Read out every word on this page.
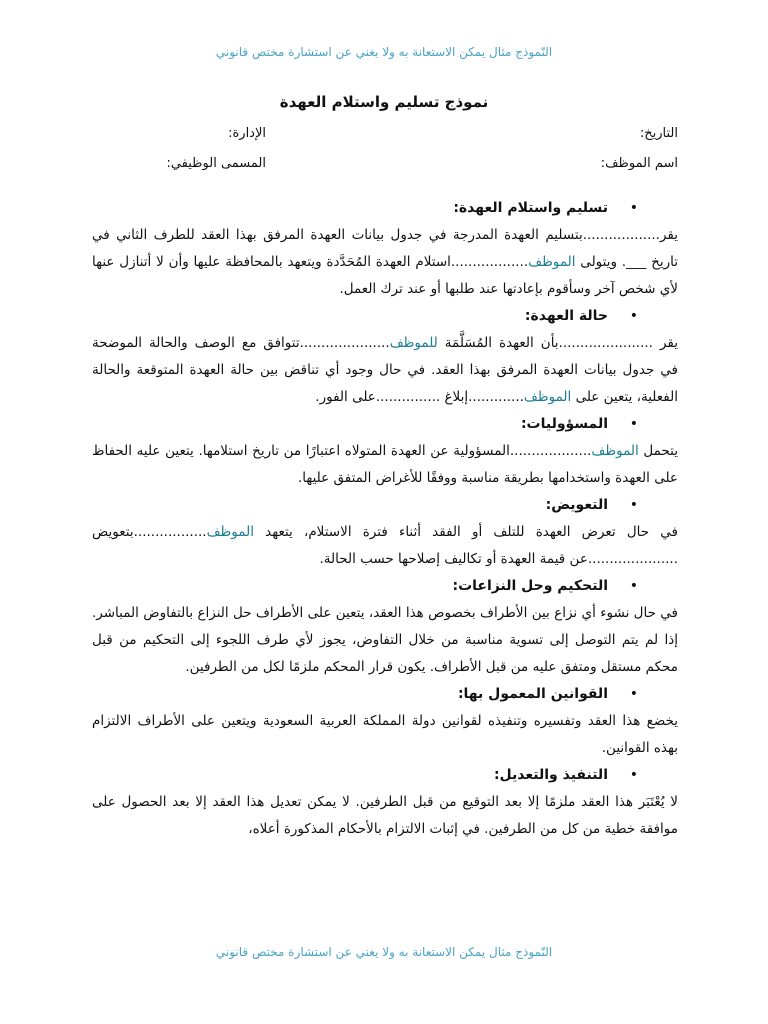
النّموذج مثال يمكن الاستعانة به ولا يغني عن استشارة مختص قانوني
نموذج تسليم واستلام العهدة
التاريخ:
الإدارة:
اسم الموظف:
المسمى الوظيفي:
•
تسليم واستلام العهدة:
يقر..................بتسليم العهدة المدرجة في جدول بيانات العهدة المرفق بهذا العقد للطرف الثاني في تاريخ ___. ويتولى الموظف..................استلام العهدة المُحَدَّدة ويتعهد بالمحافظة عليها وأن لا أتنازل عنها لأي شخص آخر وسأقوم بإعادتها عند طلبها أو عند ترك العمل.
•
حالة العهدة:
يقر ......................بأن العهدة المُسَلَّمَة للموظف.....................تتوافق مع الوصف والحالة الموضحة في جدول بيانات العهدة المرفق بهذا العقد. في حال وجود أي تناقض بين حالة العهدة المتوقعة والحالة الفعلية، يتعين على الموظف.............إبلاغ ...............على الفور.
•
المسؤوليات:
يتحمل الموظف...................المسؤولية عن العهدة المتولاه اعتبارًا من تاريخ استلامها. يتعين عليه الحفاظ على العهدة واستخدامها بطريقة مناسبة ووفقًا للأغراض المتفق عليها.
•
التعويض:
في حال تعرض العهدة للتلف أو الفقد أثناء فترة الاستلام، يتعهد الموظف.................بتعويض .....................عن قيمة العهدة أو تكاليف إصلاحها حسب الحالة.
•
التحكيم وحل النزاعات:
في حال نشوء أي نزاع بين الأطراف بخصوص هذا العقد، يتعين على الأطراف حل النزاع بالتفاوض المباشر. إذا لم يتم التوصل إلى تسوية مناسبة من خلال التفاوض، يجوز لأي طرف اللجوء إلى التحكيم من قبل محكم مستقل ومتفق عليه من قبل الأطراف. يكون قرار المحكم ملزمًا لكل من الطرفين.
•
القوانين المعمول بها:
يخضع هذا العقد وتفسيره وتنفيذه لقوانين دولة المملكة العربية السعودية ويتعين على الأطراف الالتزام بهذه القوانين.
•
التنفيذ والتعديل:
لا يُعْتَبَر هذا العقد ملزمًا إلا بعد التوقيع من قبل الطرفين. لا يمكن تعديل هذا العقد إلا بعد الحصول على موافقة خطية من كل من الطرفين. في إثبات الالتزام بالأحكام المذكورة أعلاه،
النّموذج مثال يمكن الاستعانة به ولا يغني عن استشارة مختص قانوني
